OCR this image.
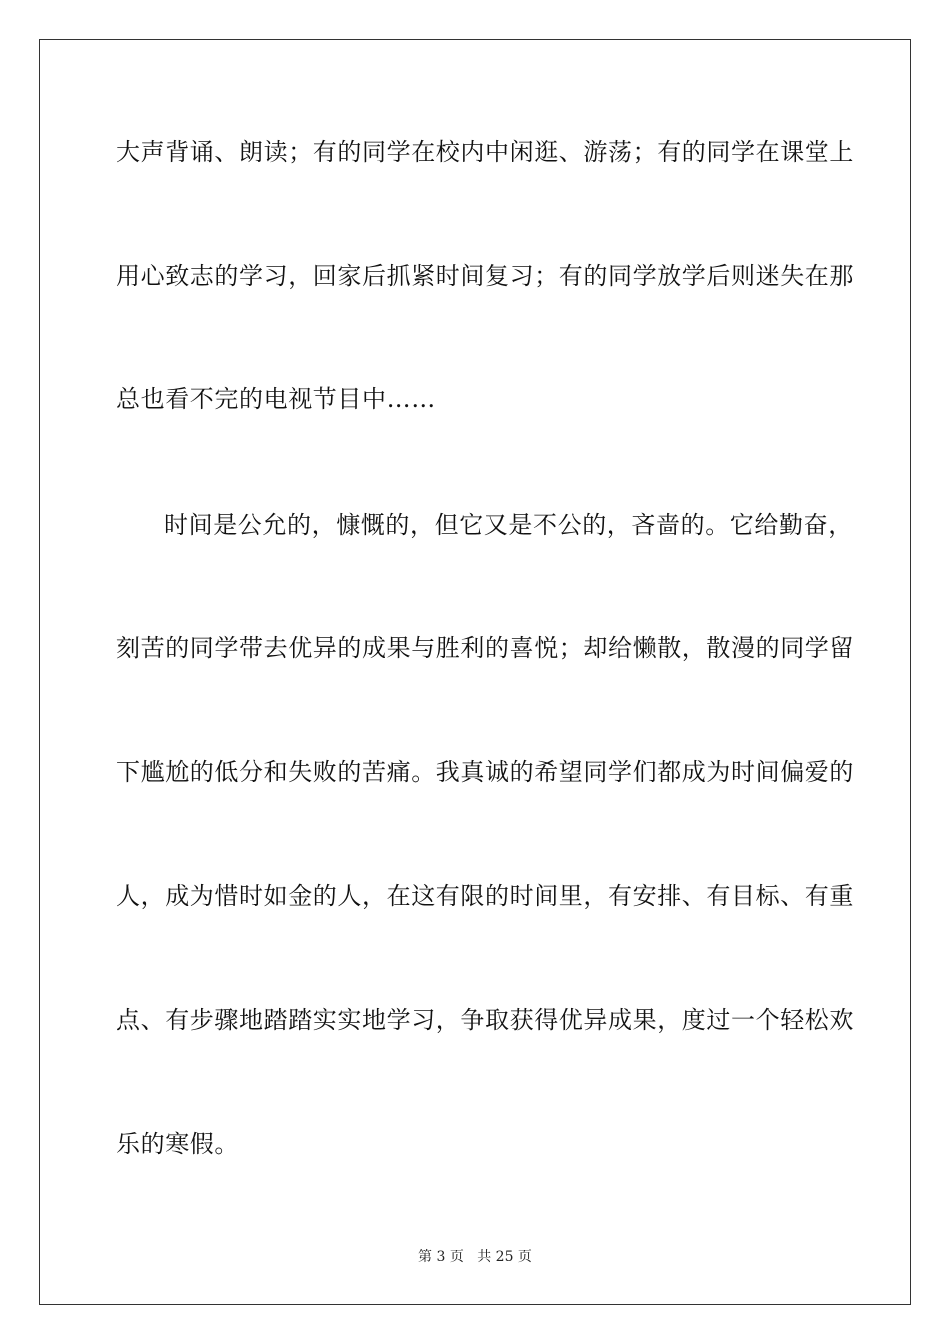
大声背诵、朗读；有的同学在校内中闲逛、游荡；有的同学在课堂上
用心致志的学习，回家后抓紧时间复习；有的同学放学后则迷失在那
总也看不完的电视节目中……
时间是公允的，慷慨的，但它又是不公的，吝啬的。它给勤奋，
刻苦的同学带去优异的成果与胜利的喜悦；却给懒散，散漫的同学留
下尴尬的低分和失败的苦痛。我真诚的希望同学们都成为时间偏爱的
人，成为惜时如金的人，在这有限的时间里，有安排、有目标、有重
点、有步骤地踏踏实实地学习，争取获得优异成果，度过一个轻松欢
乐的寒假。
第 3 页 共 25 页
